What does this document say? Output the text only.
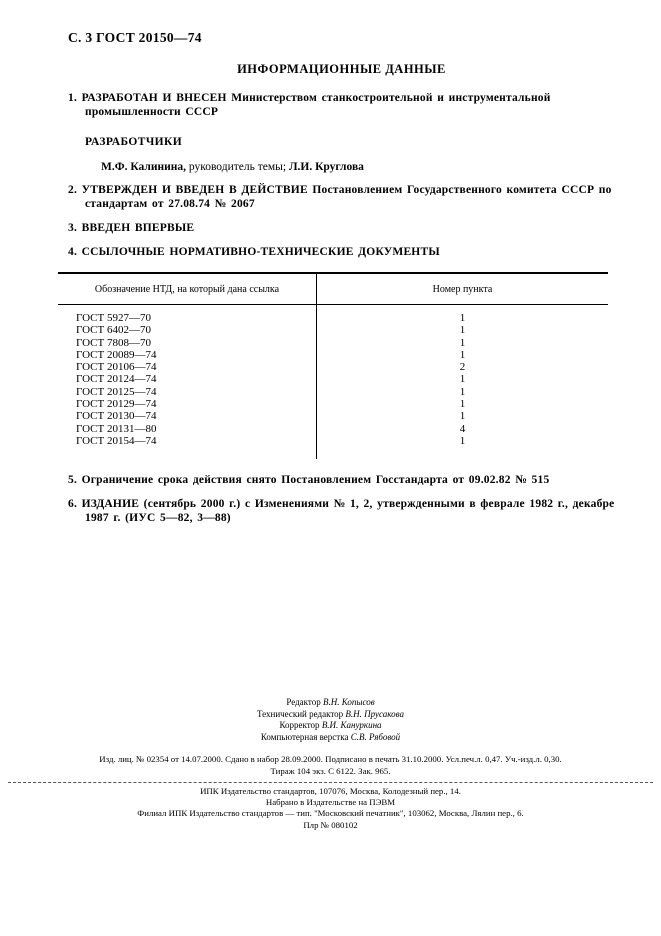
С. 3 ГОСТ 20150—74
ИНФОРМАЦИОННЫЕ ДАННЫЕ

1. РАЗРАБОТАН И ВНЕСЕН Министерством станкостроительной и инструментальной промышленности СССР

РАЗРАБОТЧИКИ
М.Ф. Калинина, руководитель темы; Л.И. Круглова

2. УТВЕРЖДЕН И ВВЕДЕН В ДЕЙСТВИЕ Постановлением Государственного комитета СССР по стандартам от 27.08.74 № 2067

3. ВВЕДЕН ВПЕРВЫЕ

4. ССЫЛОЧНЫЕ НОРМАТИВНО-ТЕХНИЧЕСКИЕ ДОКУМЕНТЫ

Обозначение НТД, на который дана ссылка	Номер пункта
ГОСТ 5927—70	1
ГОСТ 6402—70	1
ГОСТ 7808—70	1
ГОСТ 20089—74	1
ГОСТ 20106—74	2
ГОСТ 20124—74	1
ГОСТ 20125—74	1
ГОСТ 20129—74	1
ГОСТ 20130—74	1
ГОСТ 20131—80	4
ГОСТ 20154—74	1

5. Ограничение срока действия снято Постановлением Госстандарта от 09.02.82 № 515

6. ИЗДАНИЕ (сентябрь 2000 г.) с Изменениями № 1, 2, утвержденными в феврале 1982 г., декабре 1987 г. (ИУС 5—82, 3—88)

Редактор В.Н. Копысов
Технический редактор В.Н. Прусакова
Корректор В.И. Кануркина
Компьютерная верстка С.В. Рябовой
Изд. лиц. № 02354 от 14.07.2000. Сдано в набор 28.09.2000. Подписано в печать 31.10.2000. Усл.печ.л. 0,47. Уч.-изд.л. 0,30.
Тираж 104 экз. С 6122. Зак. 965.
ИПК Издательство стандартов, 107076, Москва, Колодезный пер., 14.
Набрано в Издательстве на ПЭВМ
Филиал ИПК Издательство стандартов — тип. "Московский печатник", 103062, Москва, Лялин пер., 6.
Плр № 080102
